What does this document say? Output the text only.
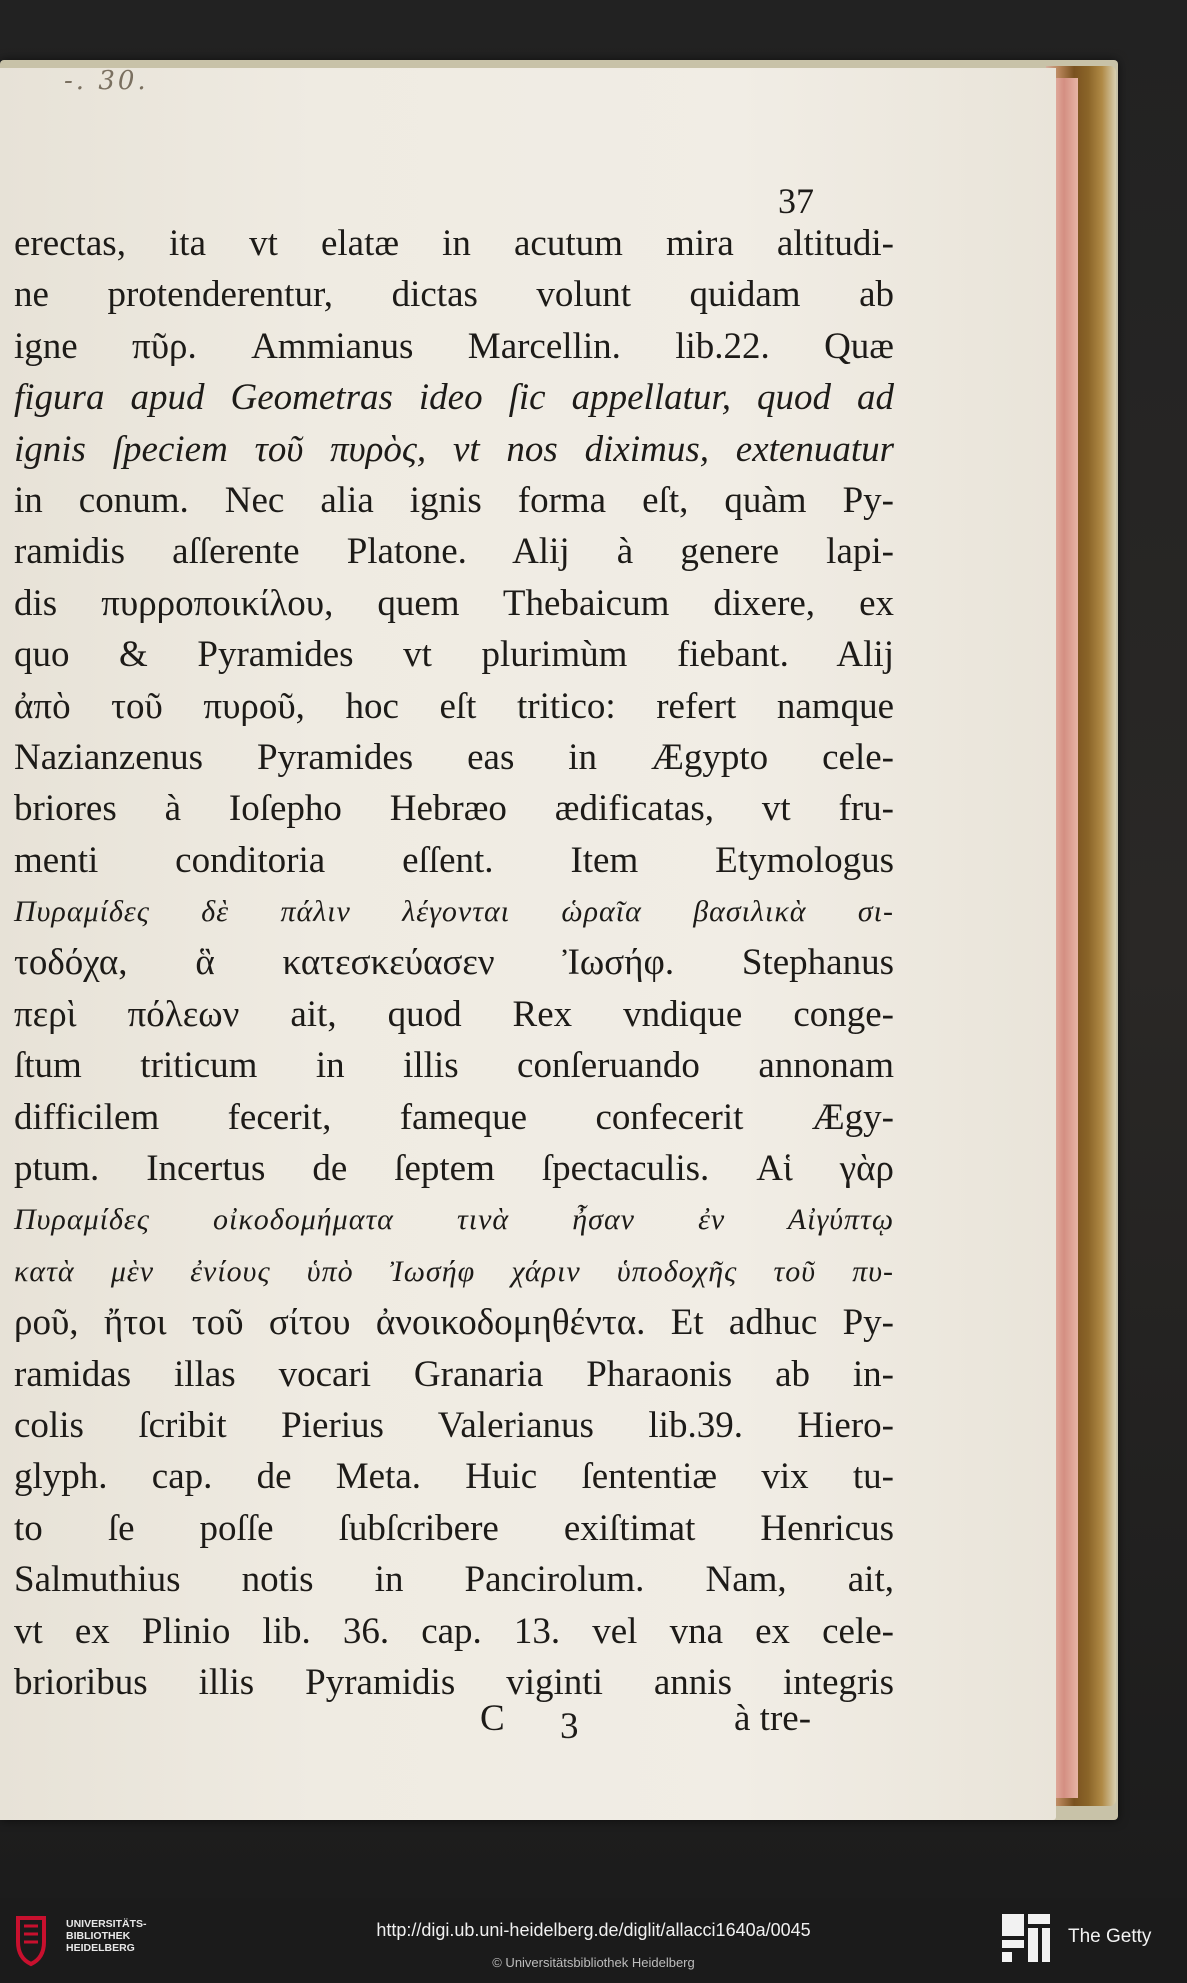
-. 30.
37
erectas, ita vt elatæ in acutum mira altitudi-
ne protenderentur, dictas volunt quidam ab
igne πῦρ. Ammianus Marcellin. lib.22. Quæ
figura apud Geometras ideo ſic appellatur, quod ad
ignis ſpeciem τοῦ πυρὸς, vt nos diximus, extenuatur
in conum. Nec alia ignis forma eſt, quàm Py-
ramidis aſſerente Platone. Alij à genere lapi-
dis πυρροποικίλου, quem Thebaicum dixere, ex
quo & Pyramides vt plurimùm fiebant. Alij
ἀπὸ τοῦ πυροῦ, hoc eſt tritico: refert namque
Nazianzenus Pyramides eas in Ægypto cele-
briores à Ioſepho Hebræo ædificatas, vt fru-
menti conditoria eſſent. Item Etymologus
Πυραμίδες δὲ πάλιν λέγονται ὡραῖα βασιλικὰ σι-
τοδόχα, ἃ κατεσκεύασεν Ἰωσήφ. Stephanus
περὶ πόλεων ait, quod Rex vndique conge-
ſtum triticum in illis conſeruando annonam
difficilem fecerit, fameque confecerit Ægy-
ptum. Incertus de ſeptem ſpectaculis. Αἱ γὰρ
Πυραμίδες οἰκοδομήματα τινὰ ἦσαν ἐν Αἰγύπτῳ
κατὰ μὲν ἐνίους ὑπὸ Ἰωσήφ χάριν ὑποδοχῆς τοῦ πυ-
ροῦ, ἤτοι τοῦ σίτου ἀνοικοδομηθέντα. Et adhuc Py-
ramidas illas vocari Granaria Pharaonis ab in-
colis ſcribit Pierius Valerianus lib.39. Hiero-
glyph. cap. de Meta. Huic ſententiæ vix tu-
to ſe poſſe ſubſcribere exiſtimat Henricus
Salmuthius notis in Pancirolum. Nam, ait,
vt ex Plinio lib. 36. cap. 13. vel vna ex cele-
brioribus illis Pyramidis viginti annis integris
C 3	à tre-
UNIVERSITÄTS-
BIBLIOTHEK
HEIDELBERG
http://digi.ub.uni-heidelberg.de/diglit/allacci1640a/0045
© Universitätsbibliothek Heidelberg
The Getty
